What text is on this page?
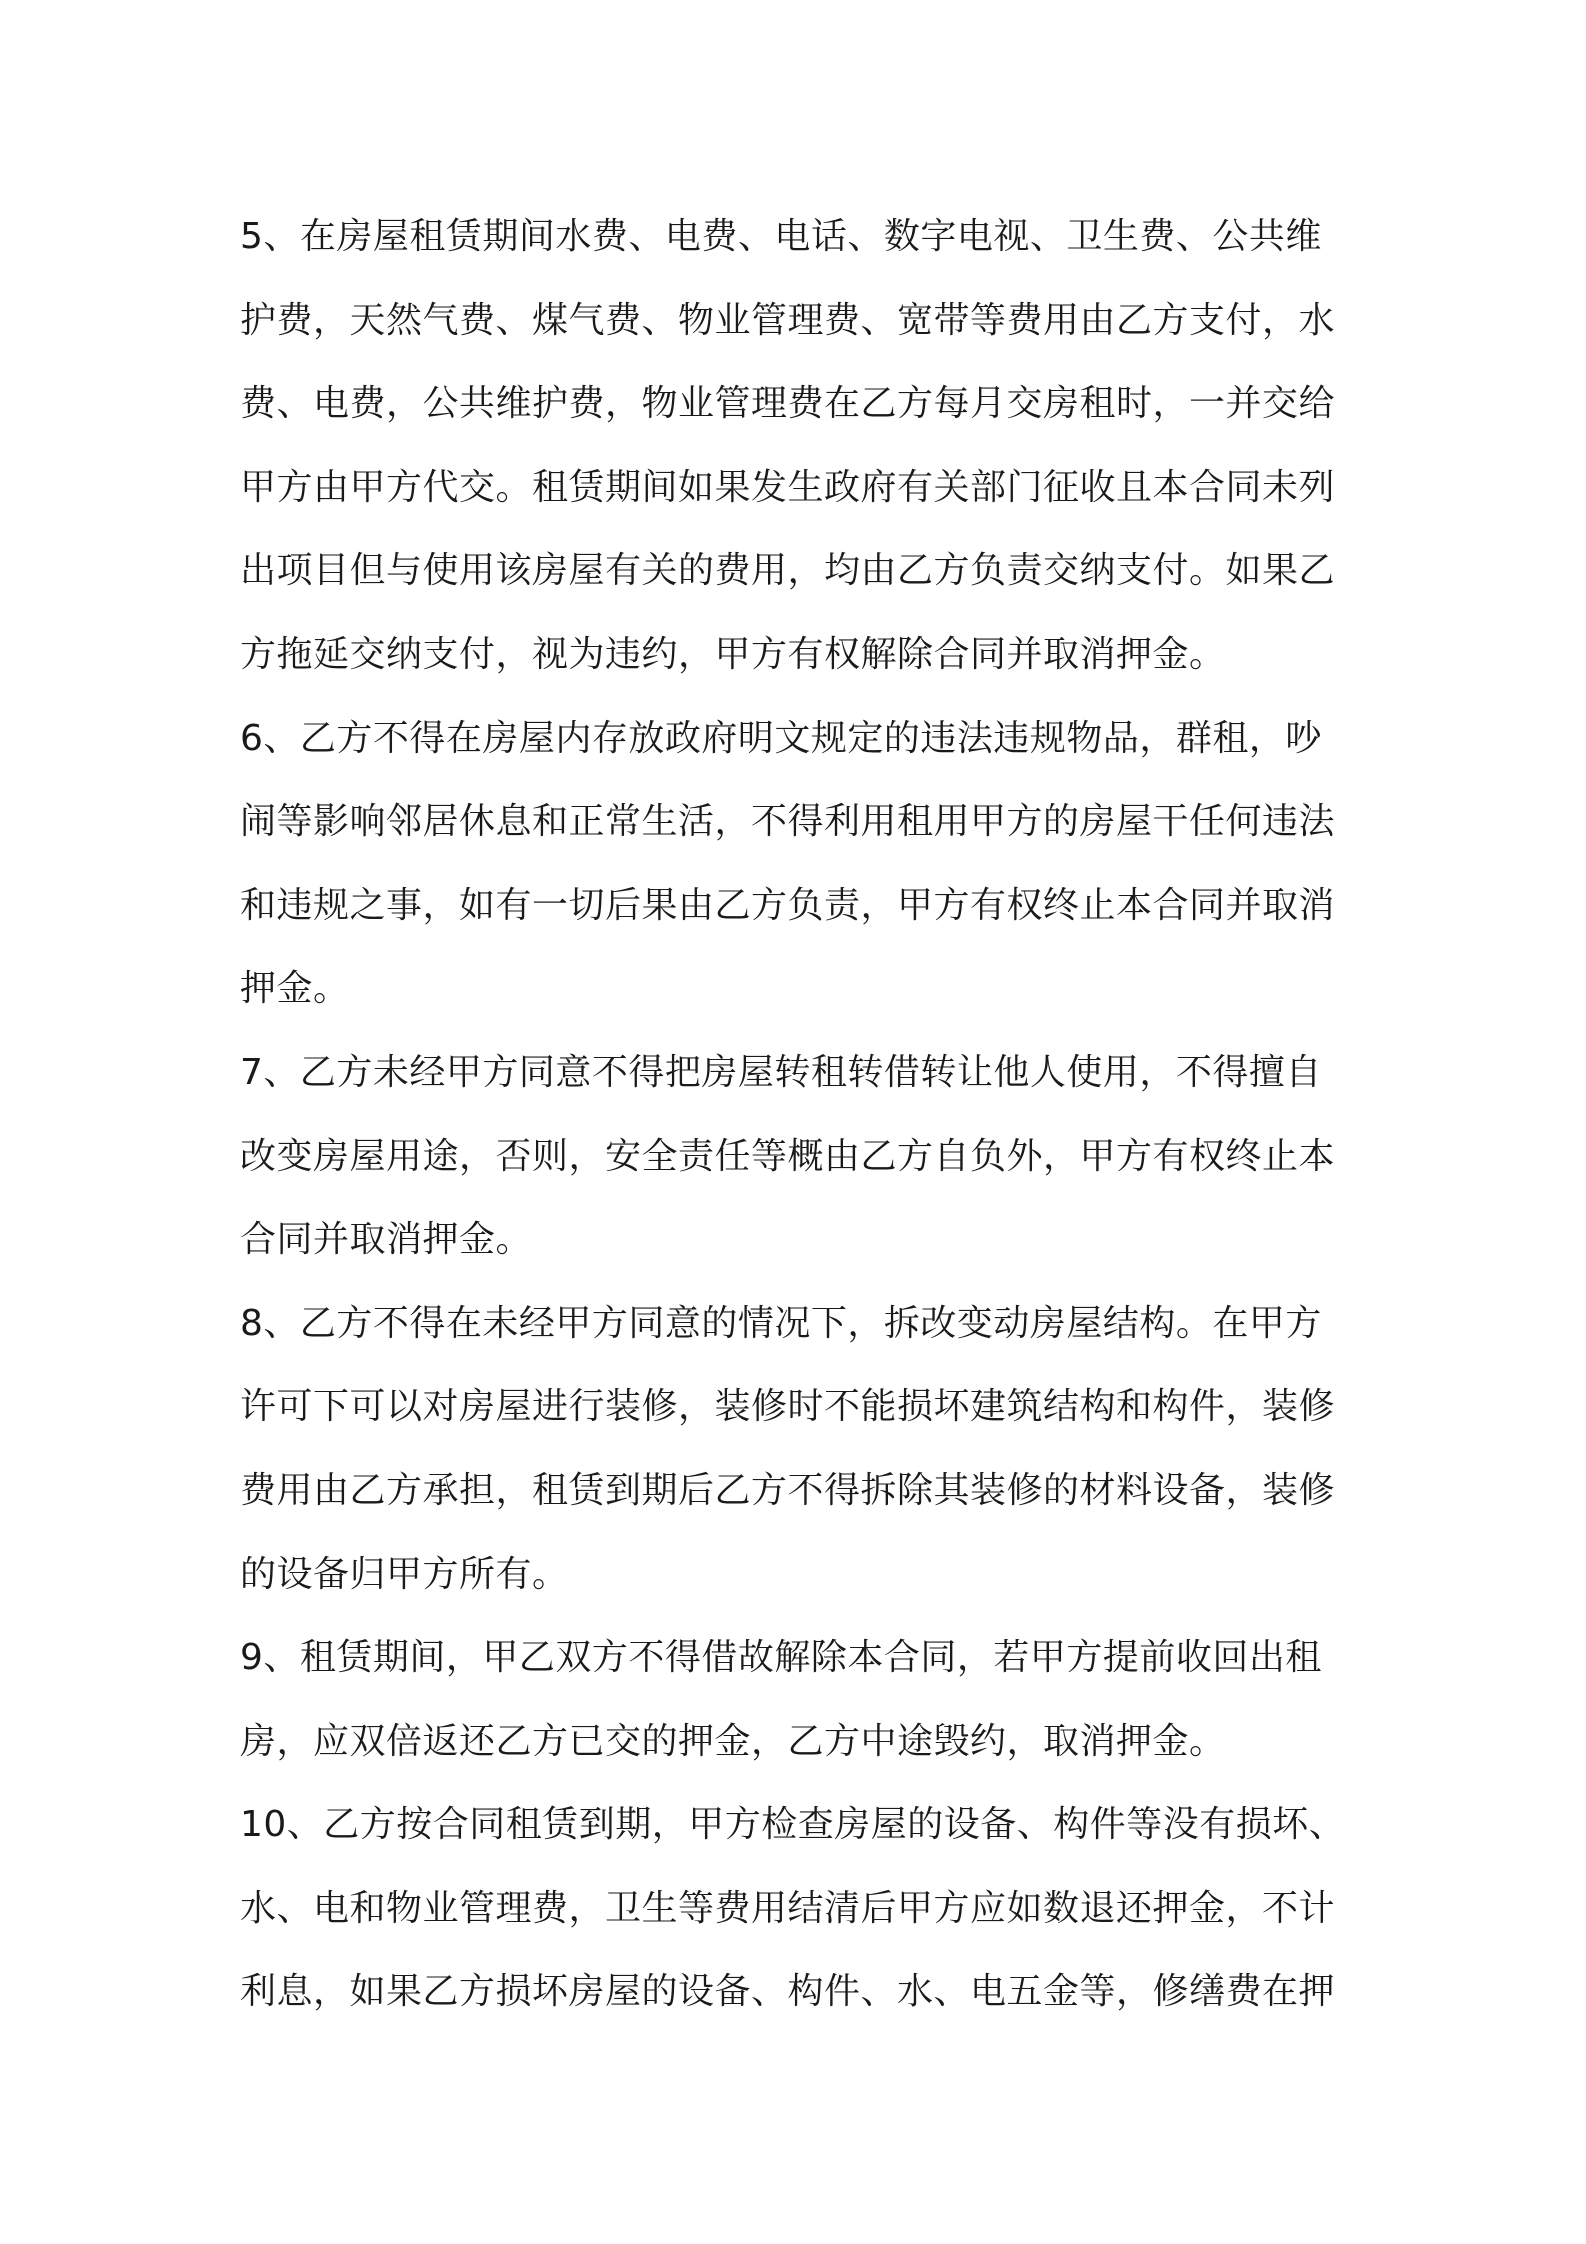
5、在房屋租赁期间水费、电费、电话、数字电视、卫生费、公共维
护费，天然气费、煤气费、物业管理费、宽带等费用由乙方支付，水
费、电费，公共维护费，物业管理费在乙方每月交房租时，一并交给
甲方由甲方代交。租赁期间如果发生政府有关部门征收且本合同未列
出项目但与使用该房屋有关的费用，均由乙方负责交纳支付。如果乙
方拖延交纳支付，视为违约，甲方有权解除合同并取消押金。
6、乙方不得在房屋内存放政府明文规定的违法违规物品，群租，吵
闹等影响邻居休息和正常生活，不得利用租用甲方的房屋干任何违法
和违规之事，如有一切后果由乙方负责，甲方有权终止本合同并取消
押金。
7、乙方未经甲方同意不得把房屋转租转借转让他人使用，不得擅自
改变房屋用途，否则，安全责任等概由乙方自负外，甲方有权终止本
合同并取消押金。
8、乙方不得在未经甲方同意的情况下，拆改变动房屋结构。在甲方
许可下可以对房屋进行装修，装修时不能损坏建筑结构和构件，装修
费用由乙方承担，租赁到期后乙方不得拆除其装修的材料设备，装修
的设备归甲方所有。
9、租赁期间，甲乙双方不得借故解除本合同，若甲方提前收回出租
房，应双倍返还乙方已交的押金，乙方中途毁约，取消押金。
10、乙方按合同租赁到期，甲方检查房屋的设备、构件等没有损坏、
水、电和物业管理费，卫生等费用结清后甲方应如数退还押金，不计
利息，如果乙方损坏房屋的设备、构件、水、电五金等，修缮费在押
